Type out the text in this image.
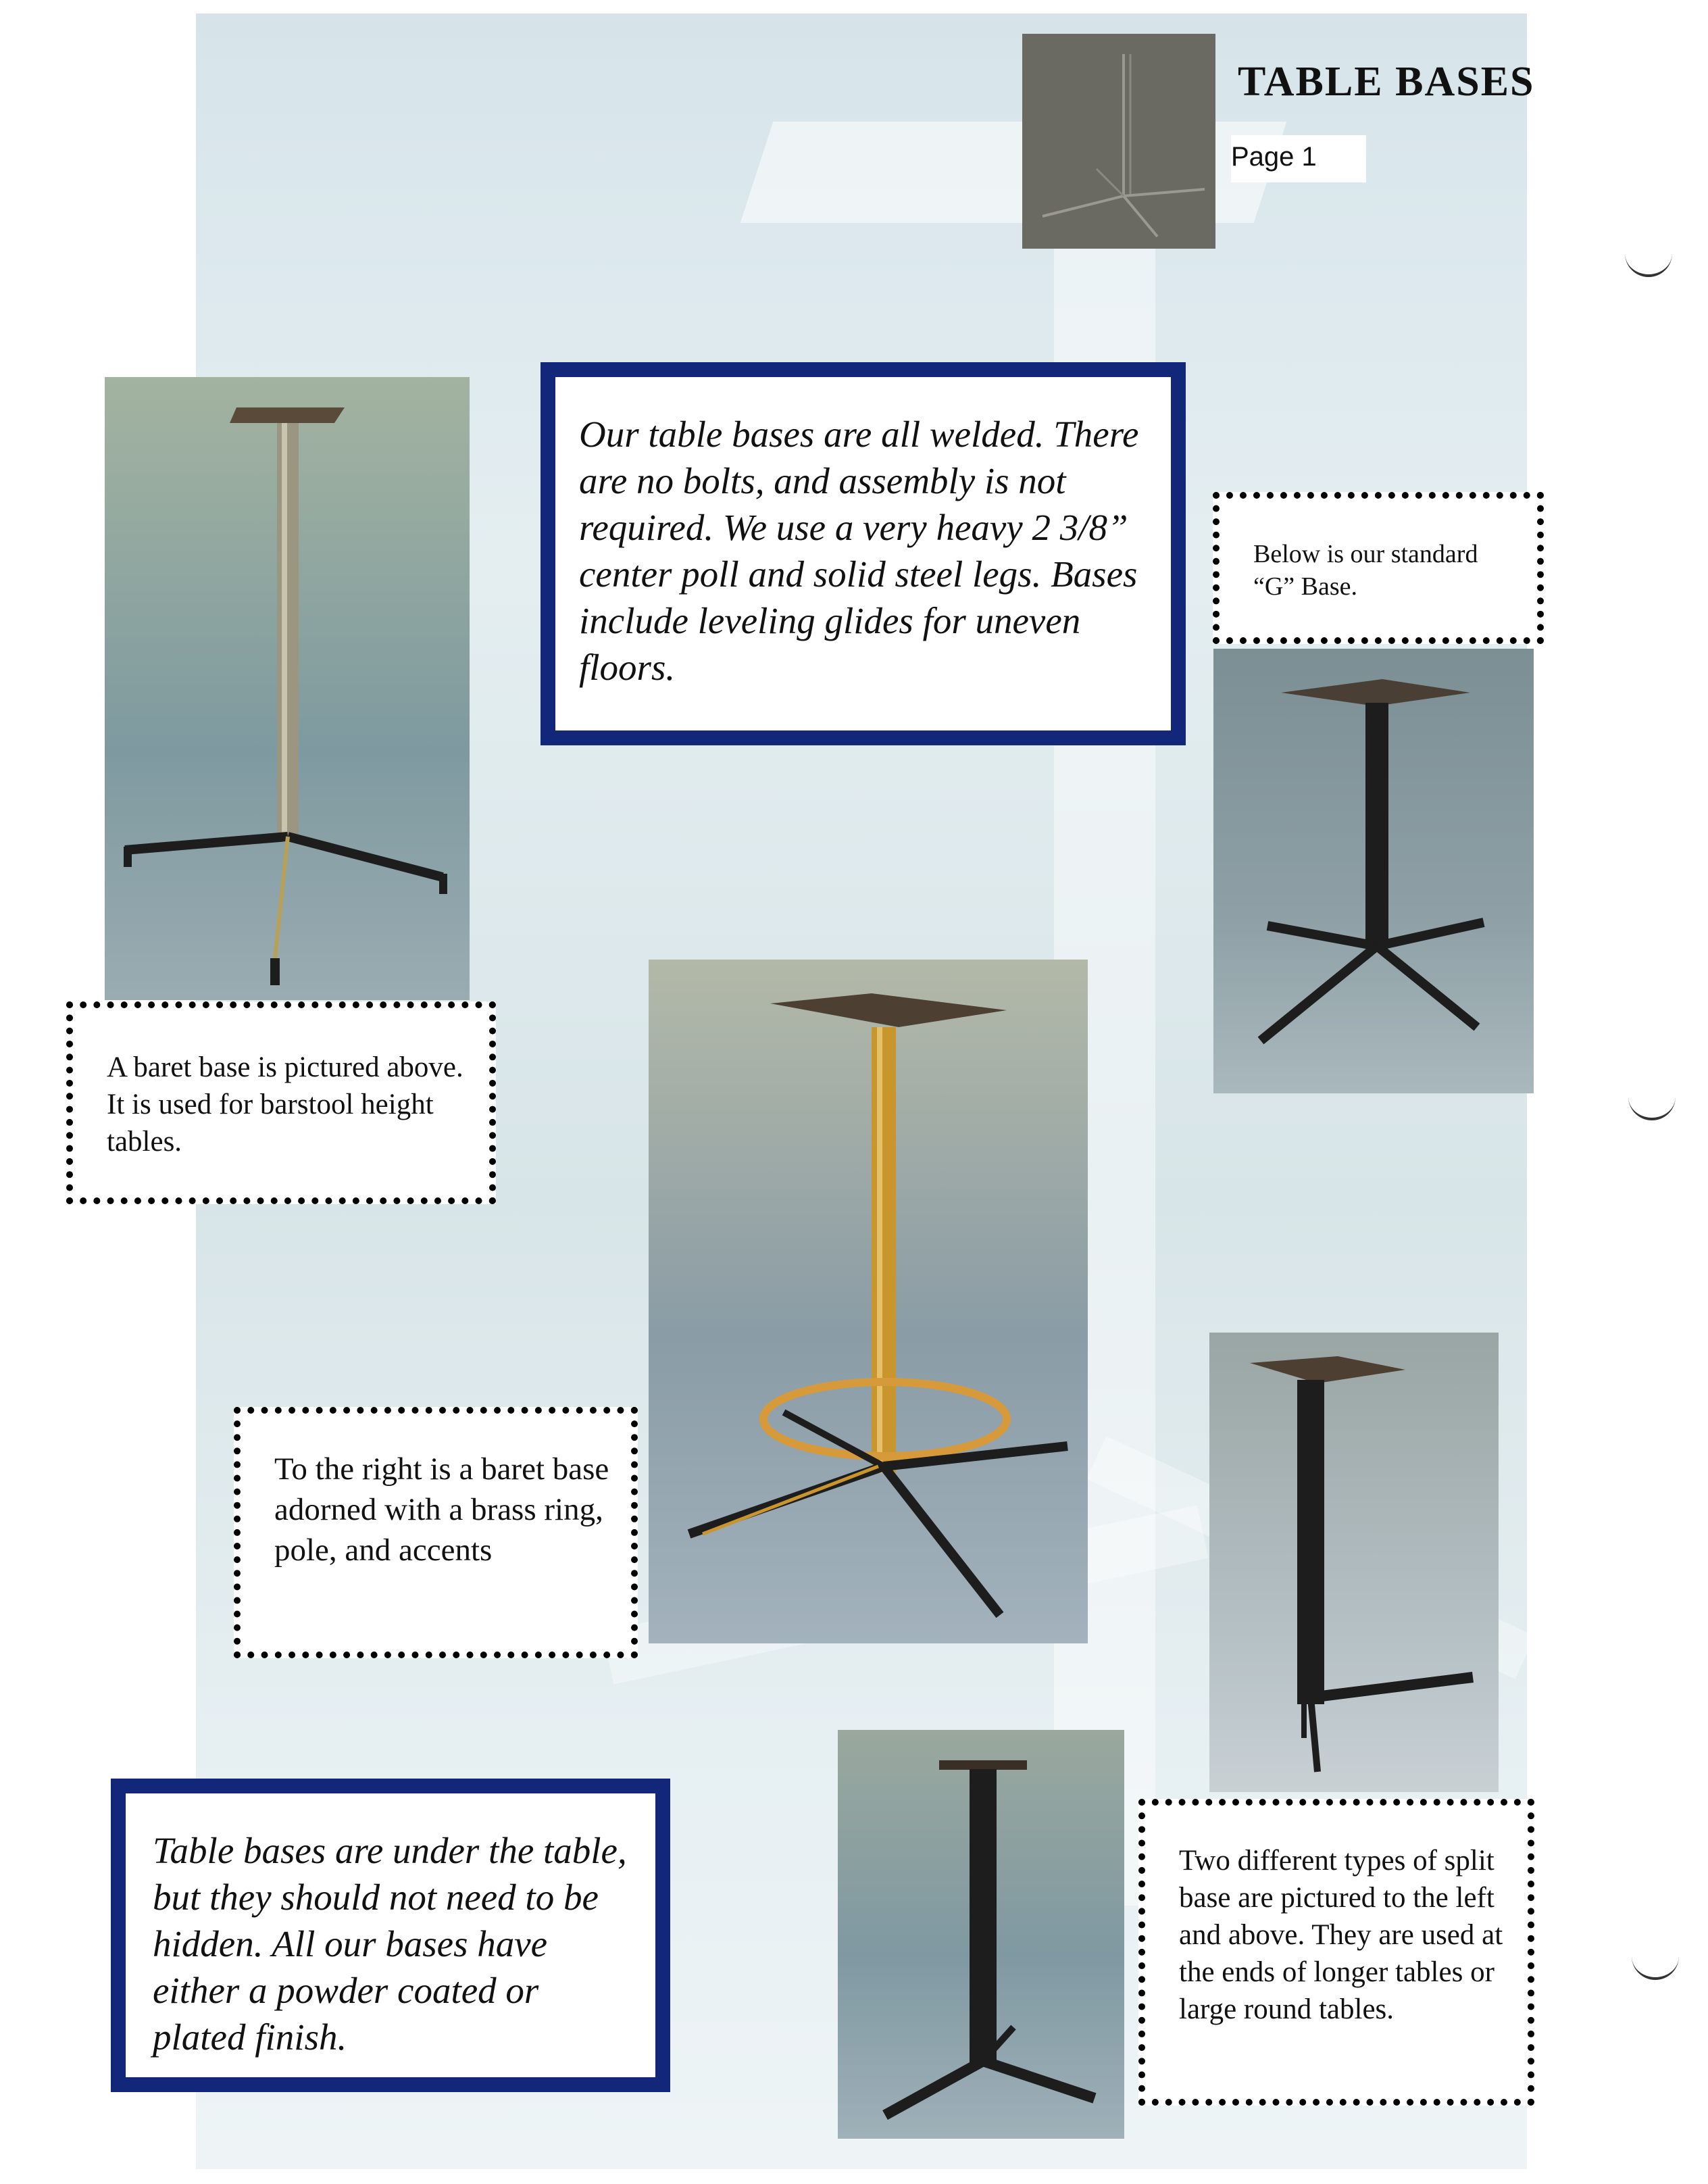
TABLE BASES
Page 1
Our table bases are all welded. There are no bolts, and assembly is not required. We use a very heavy 2 3/8” center poll and solid steel legs. Bases include leveling glides for uneven floors.
Below is our standard “G” Base.
A baret base is pictured above. It is used for barstool height tables.
To the right is a baret base adorned with a brass ring, pole, and accents
Two different types of split base are pictured to the left and above. They are used at the ends of longer tables or large round tables.
Table bases are under the table, but they should not need to be hidden. All our bases have either a powder coated or plated finish.
